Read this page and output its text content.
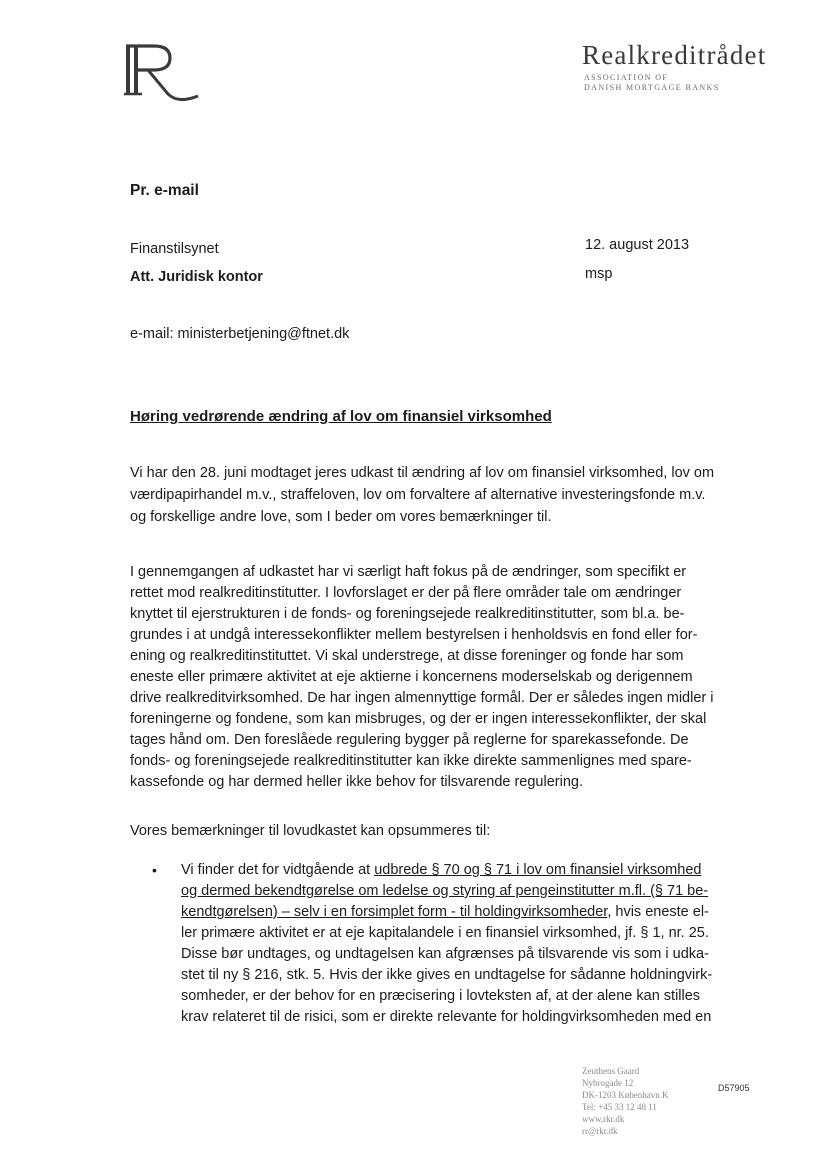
Realkreditrådet
ASSOCIATION OF
DANISH MORTGAGE BANKS
Pr. e-mail
Finanstilsynet
Att. Juridisk kontor
12. august 2013
msp
e-mail: ministerbetjening@ftnet.dk
Høring vedrørende ændring af lov om finansiel virksomhed
Vi har den 28. juni modtaget jeres udkast til ændring af lov om finansiel virksomhed, lov om
værdipapirhandel m.v., straffeloven, lov om forvaltere af alternative investeringsfonde m.v.
og forskellige andre love, som I beder om vores bemærkninger til.
I gennemgangen af udkastet har vi særligt haft fokus på de ændringer, som specifikt er
rettet mod realkreditinstitutter. I lovforslaget er der på flere områder tale om ændringer
knyttet til ejerstrukturen i de fonds- og foreningsejede realkreditinstitutter, som bl.a. be-
grundes i at undgå interessekonflikter mellem bestyrelsen i henholdsvis en fond eller for-
ening og realkreditinstituttet. Vi skal understrege, at disse foreninger og fonde har som
eneste eller primære aktivitet at eje aktierne i koncernens moderselskab og derigennem
drive realkreditvirksomhed. De har ingen almennyttige formål. Der er således ingen midler i
foreningerne og fondene, som kan misbruges, og der er ingen interessekonflikter, der skal
tages hånd om. Den foreslåede regulering bygger på reglerne for sparekassefonde. De
fonds- og foreningsejede realkreditinstitutter kan ikke direkte sammenlignes med spare-
kassefonde og har dermed heller ikke behov for tilsvarende regulering.
Vores bemærkninger til lovudkastet kan opsummeres til:
• Vi finder det for vidtgående at udbrede § 70 og § 71 i lov om finansiel virksomhed
og dermed bekendtgørelse om ledelse og styring af pengeinstitutter m.fl. (§ 71 be-
kendtgørelsen) – selv i en forsimplet form - til holdingvirksomheder, hvis eneste el-
ler primære aktivitet er at eje kapitalandele i en finansiel virksomhed, jf. § 1, nr. 25.
Disse bør undtages, og undtagelsen kan afgrænses på tilsvarende vis som i udka-
stet til ny § 216, stk. 5. Hvis der ikke gives en undtagelse for sådanne holdningvirk-
somheder, er der behov for en præcisering i lovteksten af, at der alene kan stilles
krav relateret til de risici, som er direkte relevante for holdingvirksomheden med en
Zeuthens Gaard
Nybrogade 12
DK-1203 København K
Tel: +45 33 12 48 11
www.rkr.dk
rr@rkr.dk
D57905
